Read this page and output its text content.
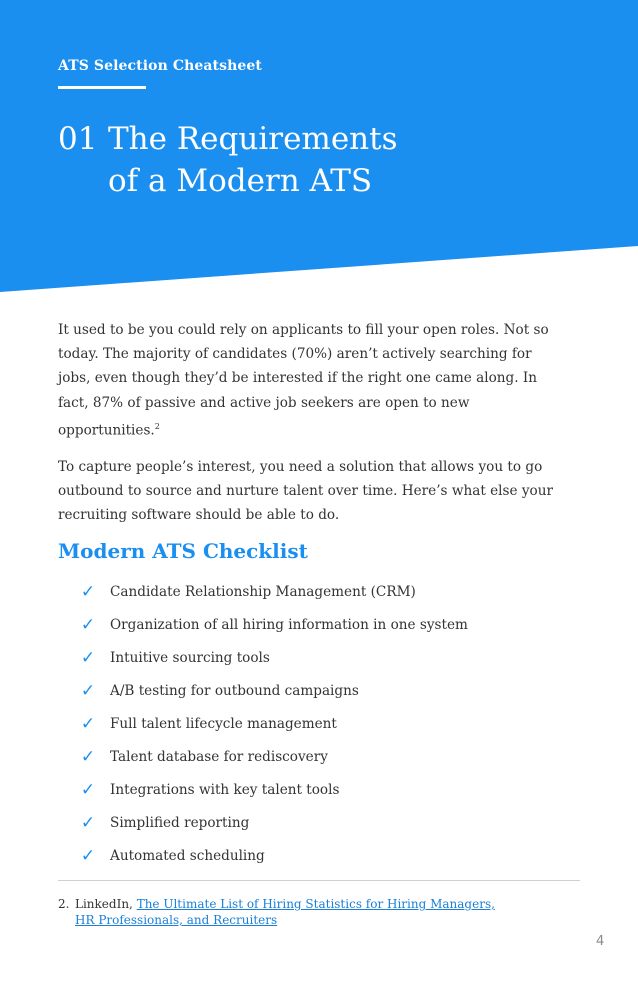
ATS Selection Cheatsheet
01 The Requirements
of a Modern ATS

It used to be you could rely on applicants to fill your open roles. Not so today. The majority of candidates (70%) aren’t actively searching for jobs, even though they’d be interested if the right one came along. In fact, 87% of passive and active job seekers are open to new opportunities.$^2$

To capture people’s interest, you need a solution that allows you to go outbound to source and nurture talent over time. Here’s what else your recruiting software should be able to do.

Modern ATS Checklist
✓ Candidate Relationship Management (CRM)
✓ Organization of all hiring information in one system
✓ Intuitive sourcing tools
✓ A/B testing for outbound campaigns
✓ Full talent lifecycle management
✓ Talent database for rediscovery
✓ Integrations with key talent tools
✓ Simplified reporting
✓ Automated scheduling
2. LinkedIn, The Ultimate List of Hiring Statistics for Hiring Managers,
HR Professionals, and Recruiters
4
